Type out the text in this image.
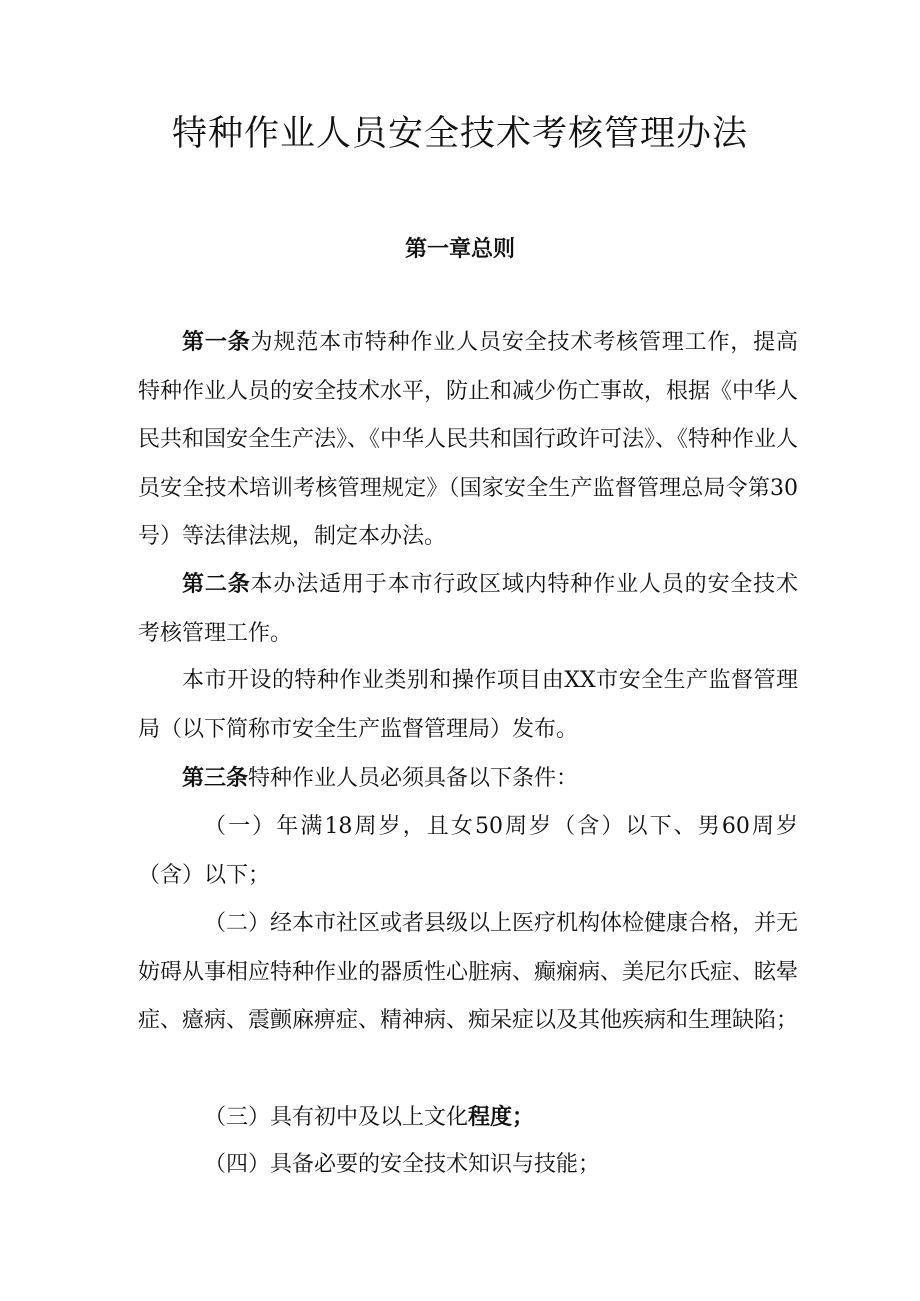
特种作业人员安全技术考核管理办法
第一章总则

第一条为规范本市特种作业人员安全技术考核管理工作，提高特种作业人员的安全技术水平，防止和减少伤亡事故，根据《中华人民共和国安全生产法》、《中华人民共和国行政许可法》、《特种作业人员安全技术培训考核管理规定》（国家安全生产监督管理总局令第30号）等法律法规，制定本办法。

第二条本办法适用于本市行政区域内特种作业人员的安全技术考核管理工作。

本市开设的特种作业类别和操作项目由XX市安全生产监督管理局（以下简称市安全生产监督管理局）发布。

第三条特种作业人员必须具备以下条件：

（一）年满18周岁，且女50周岁（含）以下、男60周岁（含）以下；

（二）经本市社区或者县级以上医疗机构体检健康合格，并无妨碍从事相应特种作业的器质性心脏病、癫痫病、美尼尔氏症、眩晕症、癔病、震颤麻痹症、精神病、痴呆症以及其他疾病和生理缺陷；

（三）具有初中及以上文化程度；

（四）具备必要的安全技术知识与技能；
